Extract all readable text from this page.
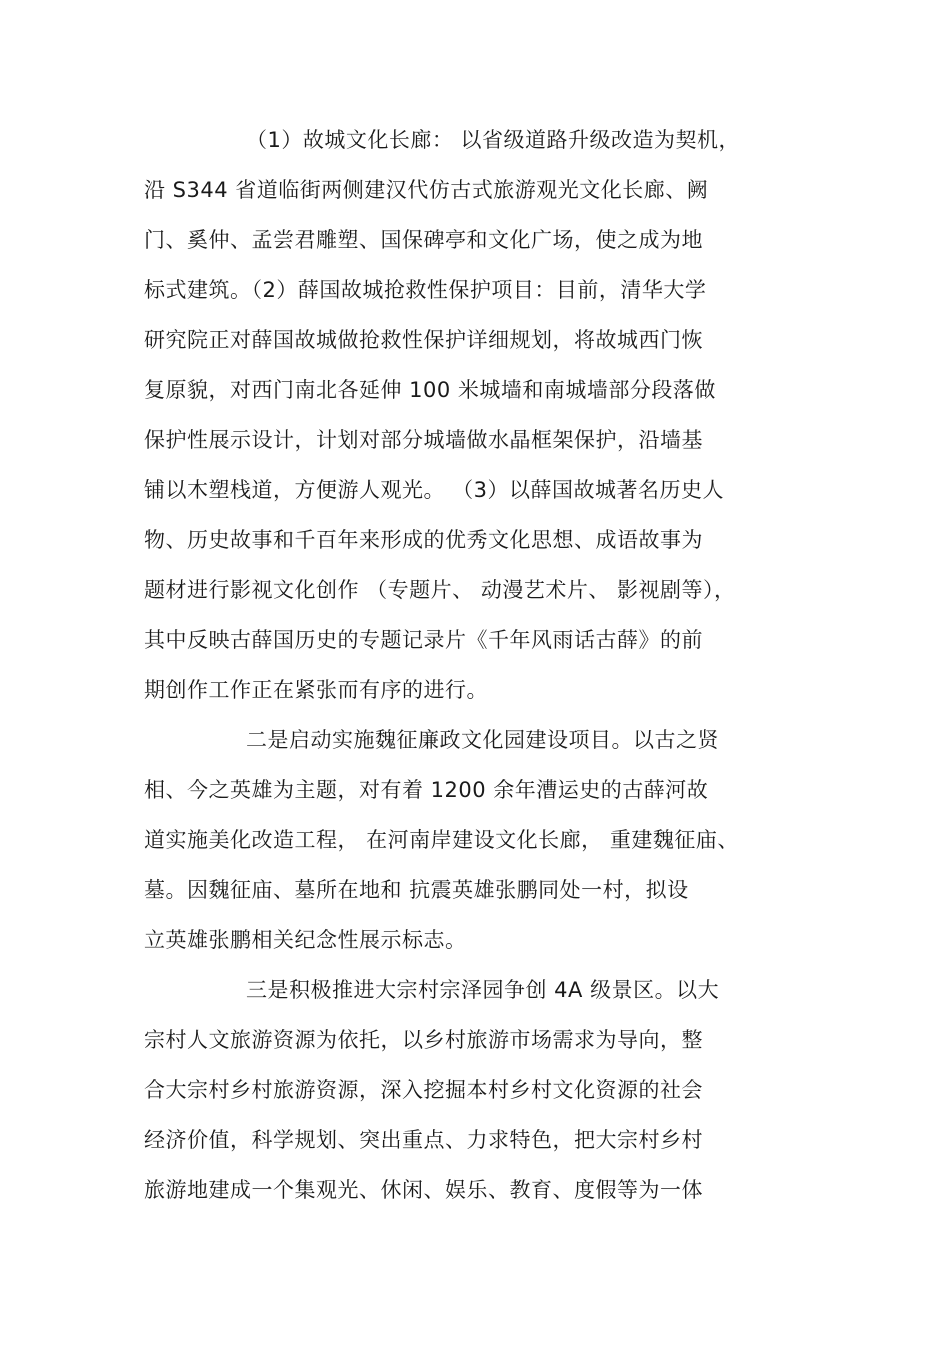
（1）故城文化长廊： 以省级道路升级改造为契机，
沿 S344 省道临街两侧建汉代仿古式旅游观光文化长廊、阙
门、奚仲、孟尝君雕塑、国保碑亭和文化广场，使之成为地
标式建筑。（2）薛国故城抢救性保护项目：目前，清华大学
研究院正对薛国故城做抢救性保护详细规划，将故城西门恢
复原貌，对西门南北各延伸 100 米城墙和南城墙部分段落做
保护性展示设计，计划对部分城墙做水晶框架保护，沿墙基
铺以木塑栈道，方便游人观光。 （3）以薛国故城著名历史人
物、历史故事和千百年来形成的优秀文化思想、成语故事为
题材进行影视文化创作 （专题片、 动漫艺术片、 影视剧等），
其中反映古薛国历史的专题记录片《千年风雨话古薛》的前
期创作工作正在紧张而有序的进行。
二是启动实施魏征廉政文化园建设项目。以古之贤
相、今之英雄为主题，对有着 1200 余年漕运史的古薛河故
道实施美化改造工程， 在河南岸建设文化长廊， 重建魏征庙、
墓。因魏征庙、墓所在地和 抗震英雄张鹏同处一村，拟设
立英雄张鹏相关纪念性展示标志。
三是积极推进大宗村宗泽园争创 4A 级景区。以大
宗村人文旅游资源为依托，以乡村旅游市场需求为导向，整
合大宗村乡村旅游资源，深入挖掘本村乡村文化资源的社会
经济价值，科学规划、突出重点、力求特色，把大宗村乡村
旅游地建成一个集观光、休闲、娱乐、教育、度假等为一体
